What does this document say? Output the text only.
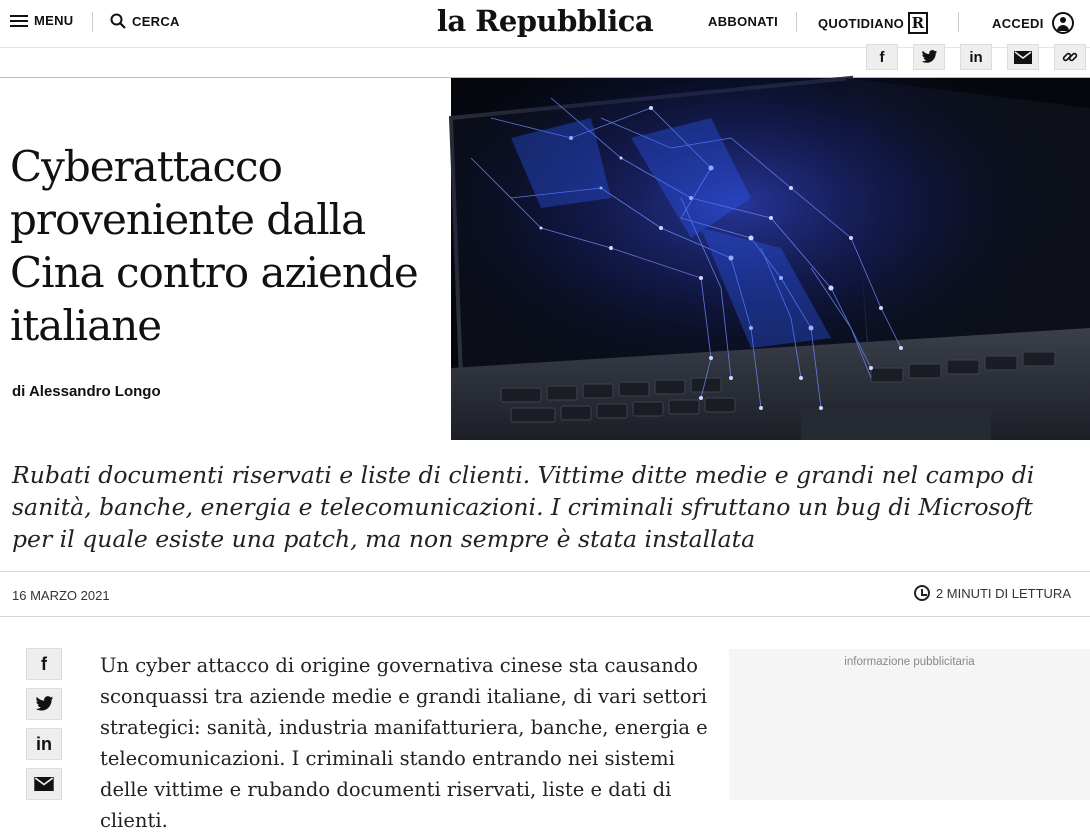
MENU	CERCA	la Repubblica	ABBONATI	QUOTIDIANO R	ACCEDI
f	in
Cyberattacco proveniente dalla Cina contro aziende italiane
di Alessandro Longo
Rubati documenti riservati e liste di clienti. Vittime ditte medie e grandi nel campo di sanità, banche, energia e telecomunicazioni. I criminali sfruttano un bug di Microsoft per il quale esiste una patch, ma non sempre è stata installata
16 MARZO 2021	2 MINUTI DI LETTURA
f
in
Un cyber attacco di origine governativa cinese sta causando sconquassi tra aziende medie e grandi italiane, di vari settori strategici: sanità, industria manifatturiera, banche, energia e telecomunicazioni. I criminali stando entrando nei sistemi delle vittime e rubando documenti riservati, liste e dati di clienti.
informazione pubblicitaria
